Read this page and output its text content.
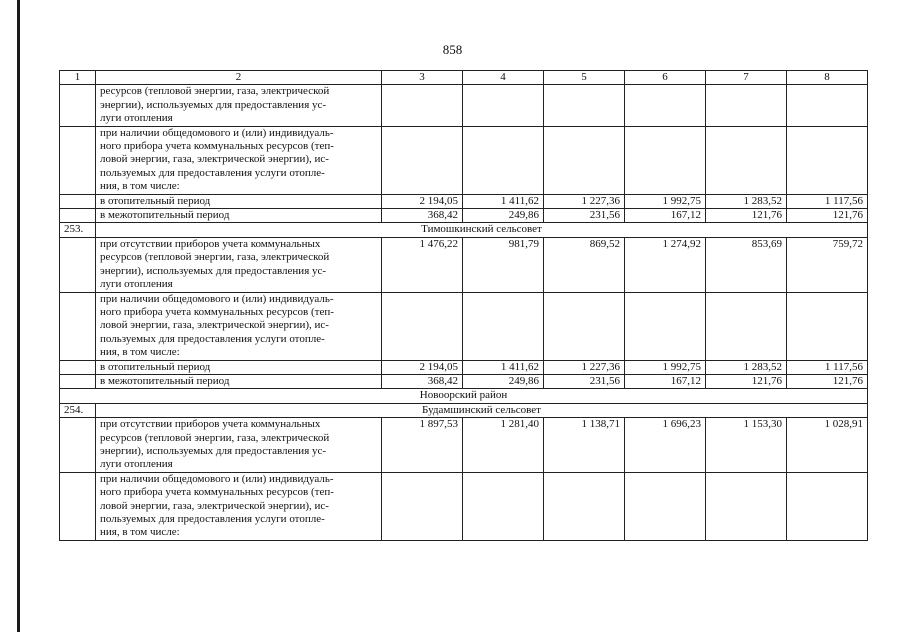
858
1	2	3	4	5	6	7	8

	ресурсов (тепловой энергии, газа, электрической
энергии), используемых для предоставления ус-
луги отопления						

	при наличии общедомового и (или) индивидуаль-
ного прибора учета коммунальных ресурсов (теп-
ловой энергии, газа, электрической энергии), ис-
пользуемых для предоставления услуги отопле-
ния, в том числе:						

	в отопительный период	2 194,05	1 411,62	1 227,36	1 992,75	1 283,52	1 117,56
	в межотопительный период	368,42	249,86	231,56	167,12	121,76	121,76
253.	Тимошкинский сельсовет						

	при отсутствии приборов учета коммунальных
ресурсов (тепловой энергии, газа, электрической
энергии), используемых для предоставления ус-
луги отопления	1 476,22	981,79	869,52	1 274,92	853,69	759,72

	при наличии общедомового и (или) индивидуаль-
ного прибора учета коммунальных ресурсов (теп-
ловой энергии, газа, электрической энергии), ис-
пользуемых для предоставления услуги отопле-
ния, в том числе:						

	в отопительный период	2 194,05	1 411,62	1 227,36	1 992,75	1 283,52	1 117,56
	в межотопительный период	368,42	249,86	231,56	167,12	121,76	121,76
Новоорский район							
254.	Будамшинский сельсовет						

	при отсутствии приборов учета коммунальных
ресурсов (тепловой энергии, газа, электрической
энергии), используемых для предоставления ус-
луги отопления	1 897,53	1 281,40	1 138,71	1 696,23	1 153,30	1 028,91

	при наличии общедомового и (или) индивидуаль-
ного прибора учета коммунальных ресурсов (теп-
ловой энергии, газа, электрической энергии), ис-
пользуемых для предоставления услуги отопле-
ния, в том числе:						
